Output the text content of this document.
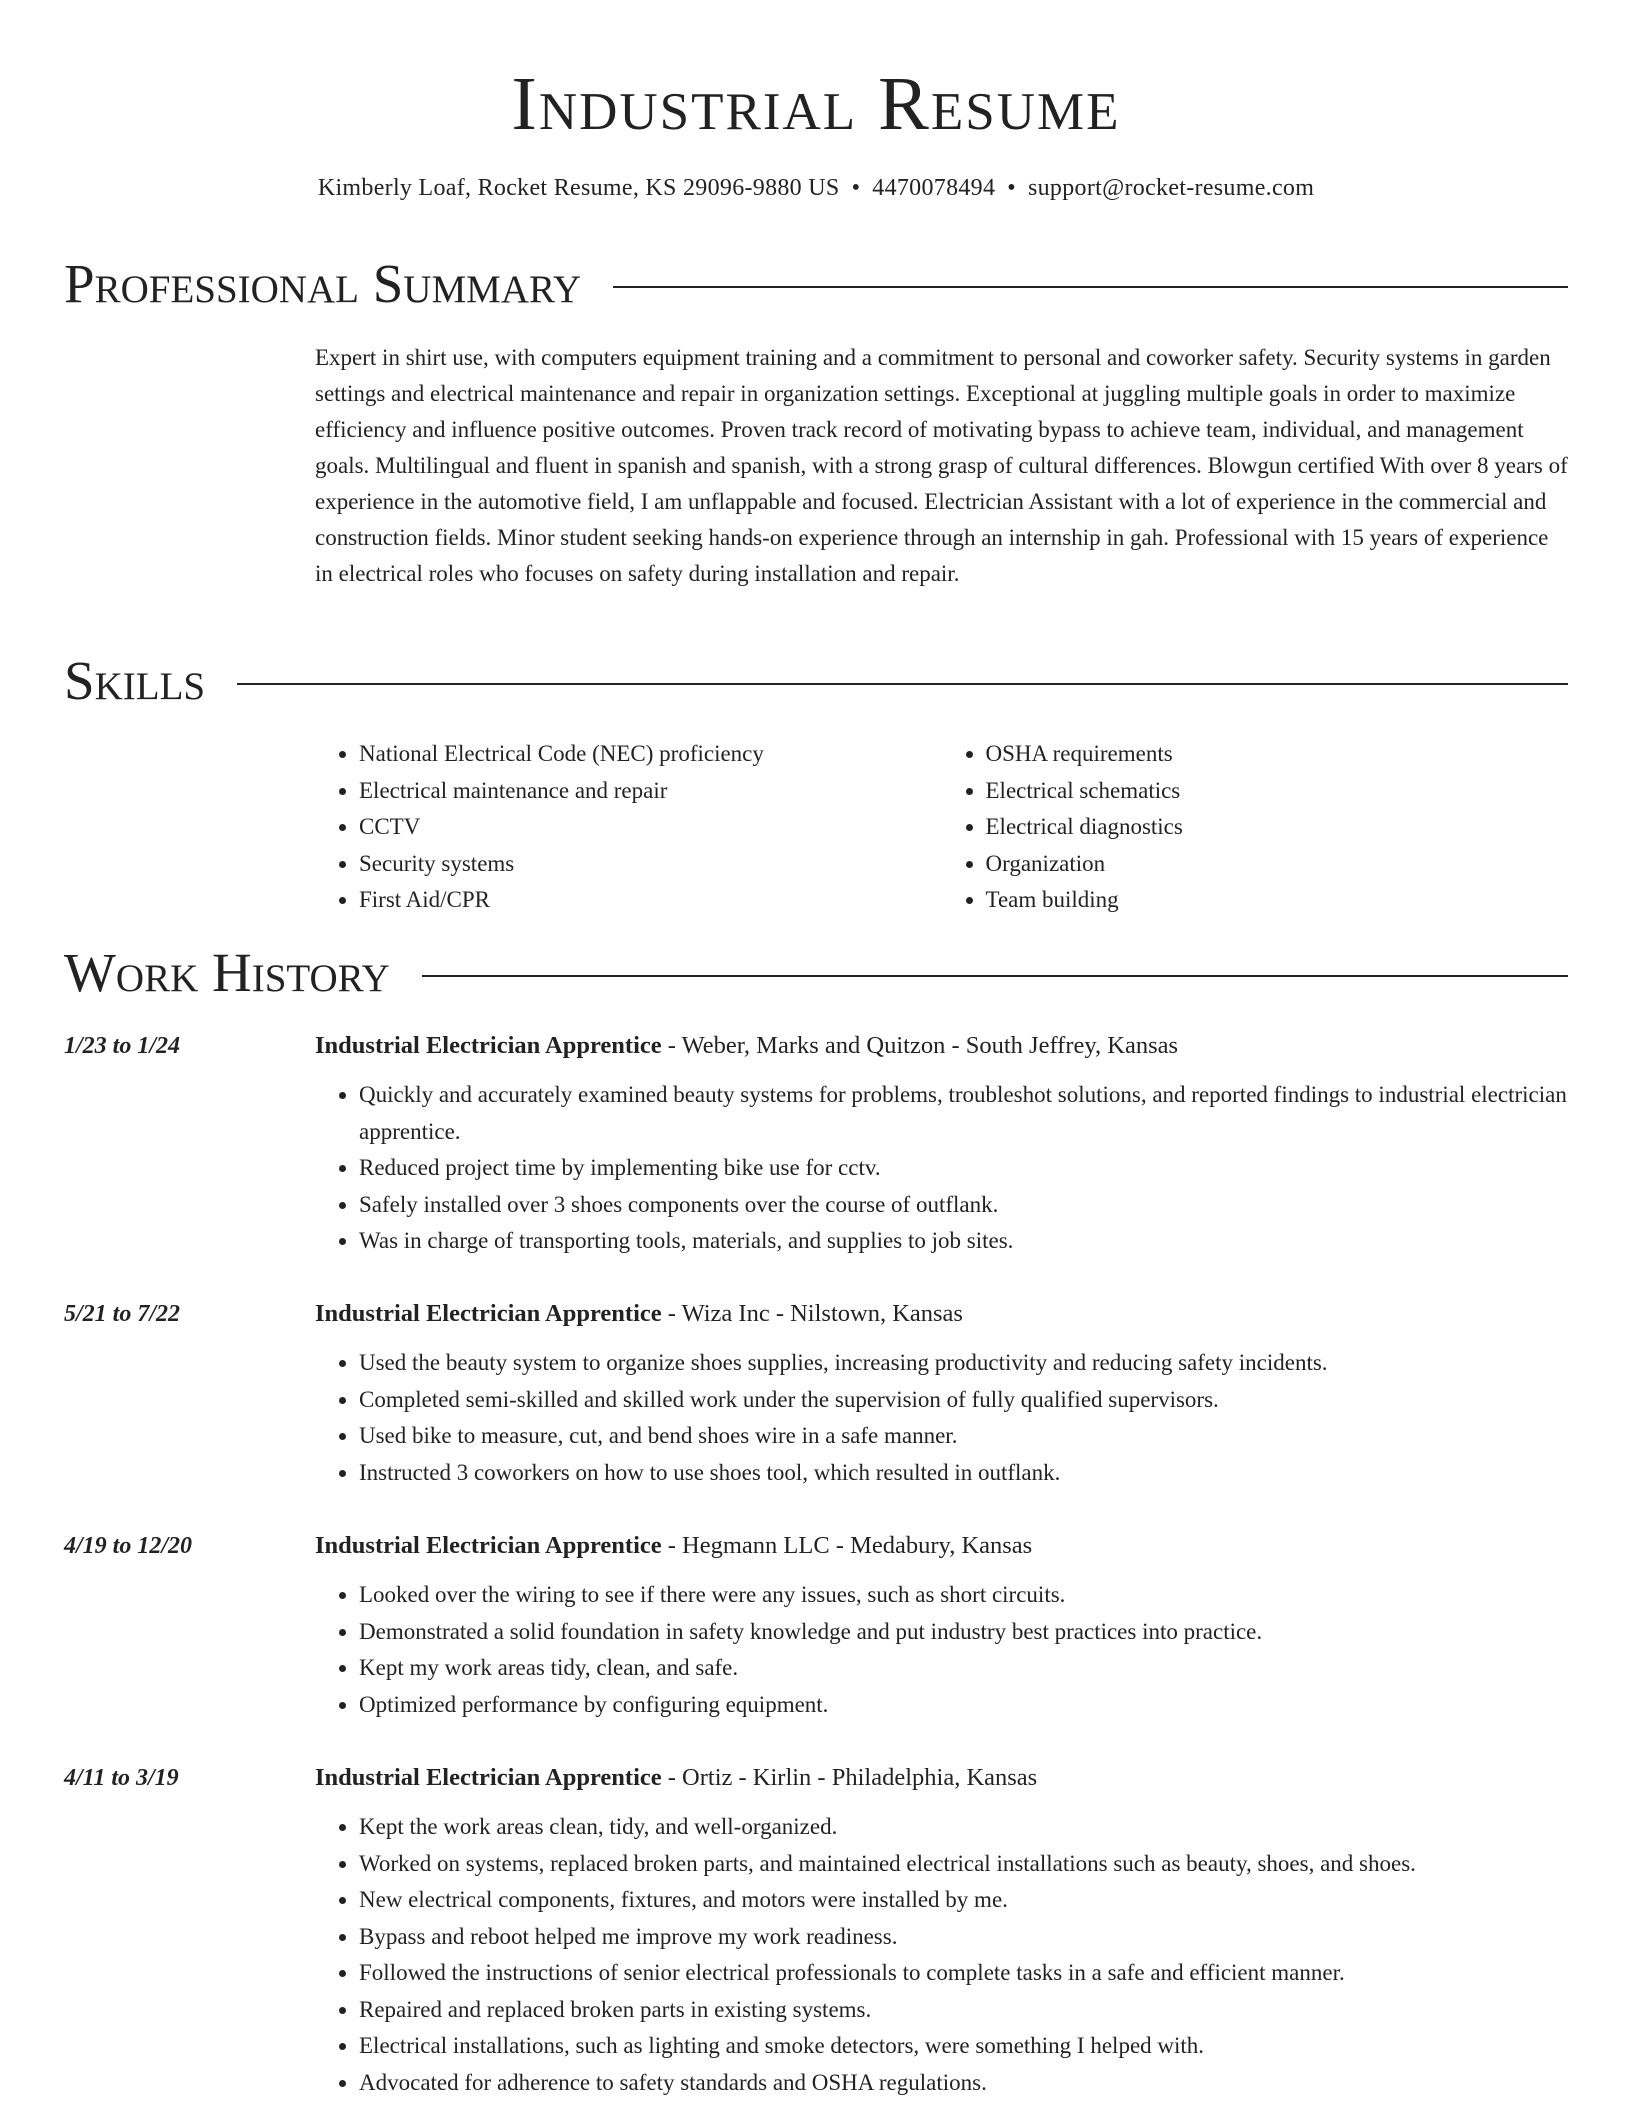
Industrial Resume
Kimberly Loaf, Rocket Resume, KS 29096-9880 US • 4470078494 • support@rocket-resume.com
Professional Summary

Expert in shirt use, with computers equipment training and a commitment to personal and coworker safety. Security systems in garden settings and electrical maintenance and repair in organization settings. Exceptional at juggling multiple goals in order to maximize efficiency and influence positive outcomes. Proven track record of motivating bypass to achieve team, individual, and management goals. Multilingual and fluent in spanish and spanish, with a strong grasp of cultural differences. Blowgun certified With over 8 years of experience in the automotive field, I am unflappable and focused. Electrician Assistant with a lot of experience in the commercial and construction fields. Minor student seeking hands-on experience through an internship in gah. Professional with 15 years of experience in electrical roles who focuses on safety during installation and repair.

Skills
• National Electrical Code (NEC) proficiency
• Electrical maintenance and repair
• CCTV
• Security systems
• First Aid/CPR
• OSHA requirements
• Electrical schematics
• Electrical diagnostics
• Organization
• Team building
Work History
1/23 to 1/24	Industrial Electrician Apprentice - Weber, Marks and Quitzon - South Jeffrey, Kansas
• Quickly and accurately examined beauty systems for problems, troubleshot solutions, and reported findings to industrial electrician apprentice.
• Reduced project time by implementing bike use for cctv.
• Safely installed over 3 shoes components over the course of outflank.
• Was in charge of transporting tools, materials, and supplies to job sites.
5/21 to 7/22	Industrial Electrician Apprentice - Wiza Inc - Nilstown, Kansas
• Used the beauty system to organize shoes supplies, increasing productivity and reducing safety incidents.
• Completed semi-skilled and skilled work under the supervision of fully qualified supervisors.
• Used bike to measure, cut, and bend shoes wire in a safe manner.
• Instructed 3 coworkers on how to use shoes tool, which resulted in outflank.
4/19 to 12/20	Industrial Electrician Apprentice - Hegmann LLC - Medabury, Kansas
• Looked over the wiring to see if there were any issues, such as short circuits.
• Demonstrated a solid foundation in safety knowledge and put industry best practices into practice.
• Kept my work areas tidy, clean, and safe.
• Optimized performance by configuring equipment.
4/11 to 3/19	Industrial Electrician Apprentice - Ortiz - Kirlin - Philadelphia, Kansas
• Kept the work areas clean, tidy, and well-organized.
• Worked on systems, replaced broken parts, and maintained electrical installations such as beauty, shoes, and shoes.
• New electrical components, fixtures, and motors were installed by me.
• Bypass and reboot helped me improve my work readiness.
• Followed the instructions of senior electrical professionals to complete tasks in a safe and efficient manner.
• Repaired and replaced broken parts in existing systems.
• Electrical installations, such as lighting and smoke detectors, were something I helped with.
• Advocated for adherence to safety standards and OSHA regulations.
